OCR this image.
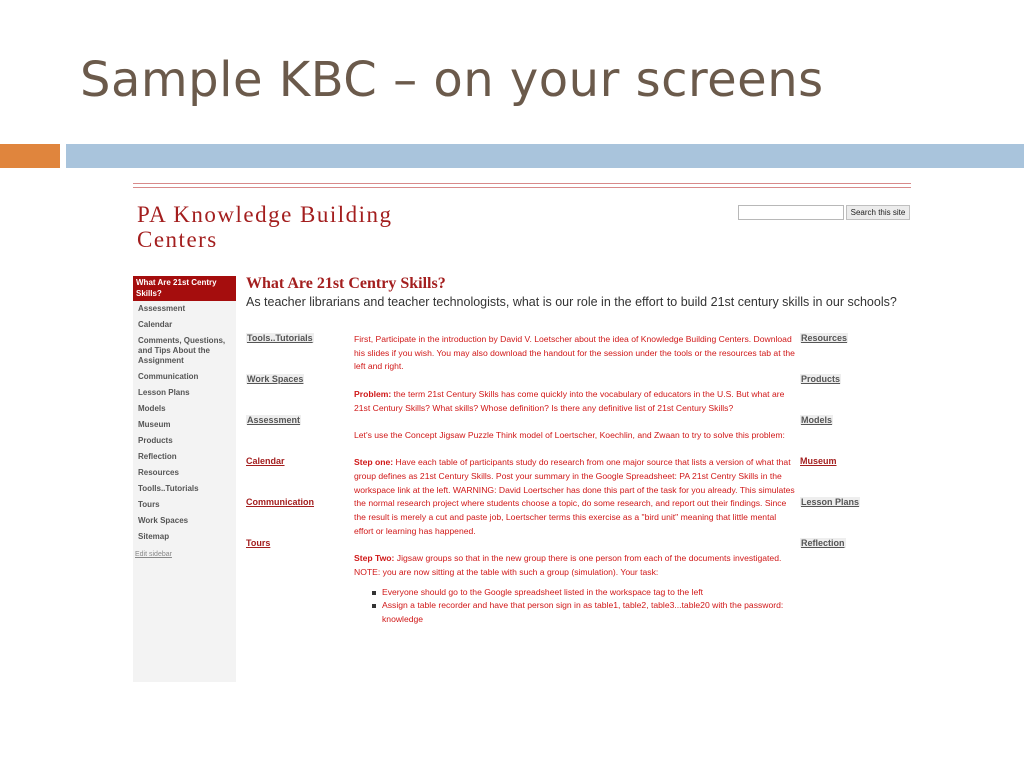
Sample KBC – on your screens
PA Knowledge Building Centers
Search this site
What Are 21st Centry Skills?
Assessment
Calendar
Comments, Questions, and Tips About the Assignment
Communication
Lesson Plans
Models
Museum
Products
Reflection
Resources
Toolls..Tutorials
Tours
Work Spaces
Sitemap
Edit sidebar
What Are 21st Centry Skills?
As teacher librarians and teacher technologists, what is our role in the effort to build 21st century skills in our schools?
Tools..Tutorials
Work Spaces
Assessment
Calendar
Communication
Tours

First, Participate in the introduction by David V. Loetscher about the idea of Knowledge Building Centers. Download his slides if you wish. You may also download the handout for the session under the tools or the resources tab at the left and right.

Problem: the term 21st Century Skills has come quickly into the vocabulary of educators in the U.S. But what are 21st Century Skills? What skills? Whose definition? Is there any definitive list of 21st Century Skills?

Let's use the Concept Jigsaw Puzzle Think model of Loertscher, Koechlin, and Zwaan to try to solve this problem:

Step one: Have each table of participants study do research from one major source that lists a version of what that group defines as 21st Century Skills. Post your summary in the Google Spreadsheet: PA 21st Centry Skills in the workspace link at the left. WARNING: David Loertscher has done this part of the task for you already. This simulates the normal research project where students choose a topic, do some research, and report out their findings. Since the result is merely a cut and paste job, Loertscher terms this exercise as a "bird unit" meaning that little mental effort or learning has happened.

Step Two: Jigsaw groups so that in the new group there is one person from each of the documents investigated. NOTE: you are now sitting at the table with such a group (simulation). Your task:

Everyone should go to the Google spreadsheet listed in the workspace tag to the left
Assign a table recorder and have that person sign in as table1, table2, table3...table20 with the password: knowledge
Resources
Products
Models
Museum
Lesson Plans
Reflection
